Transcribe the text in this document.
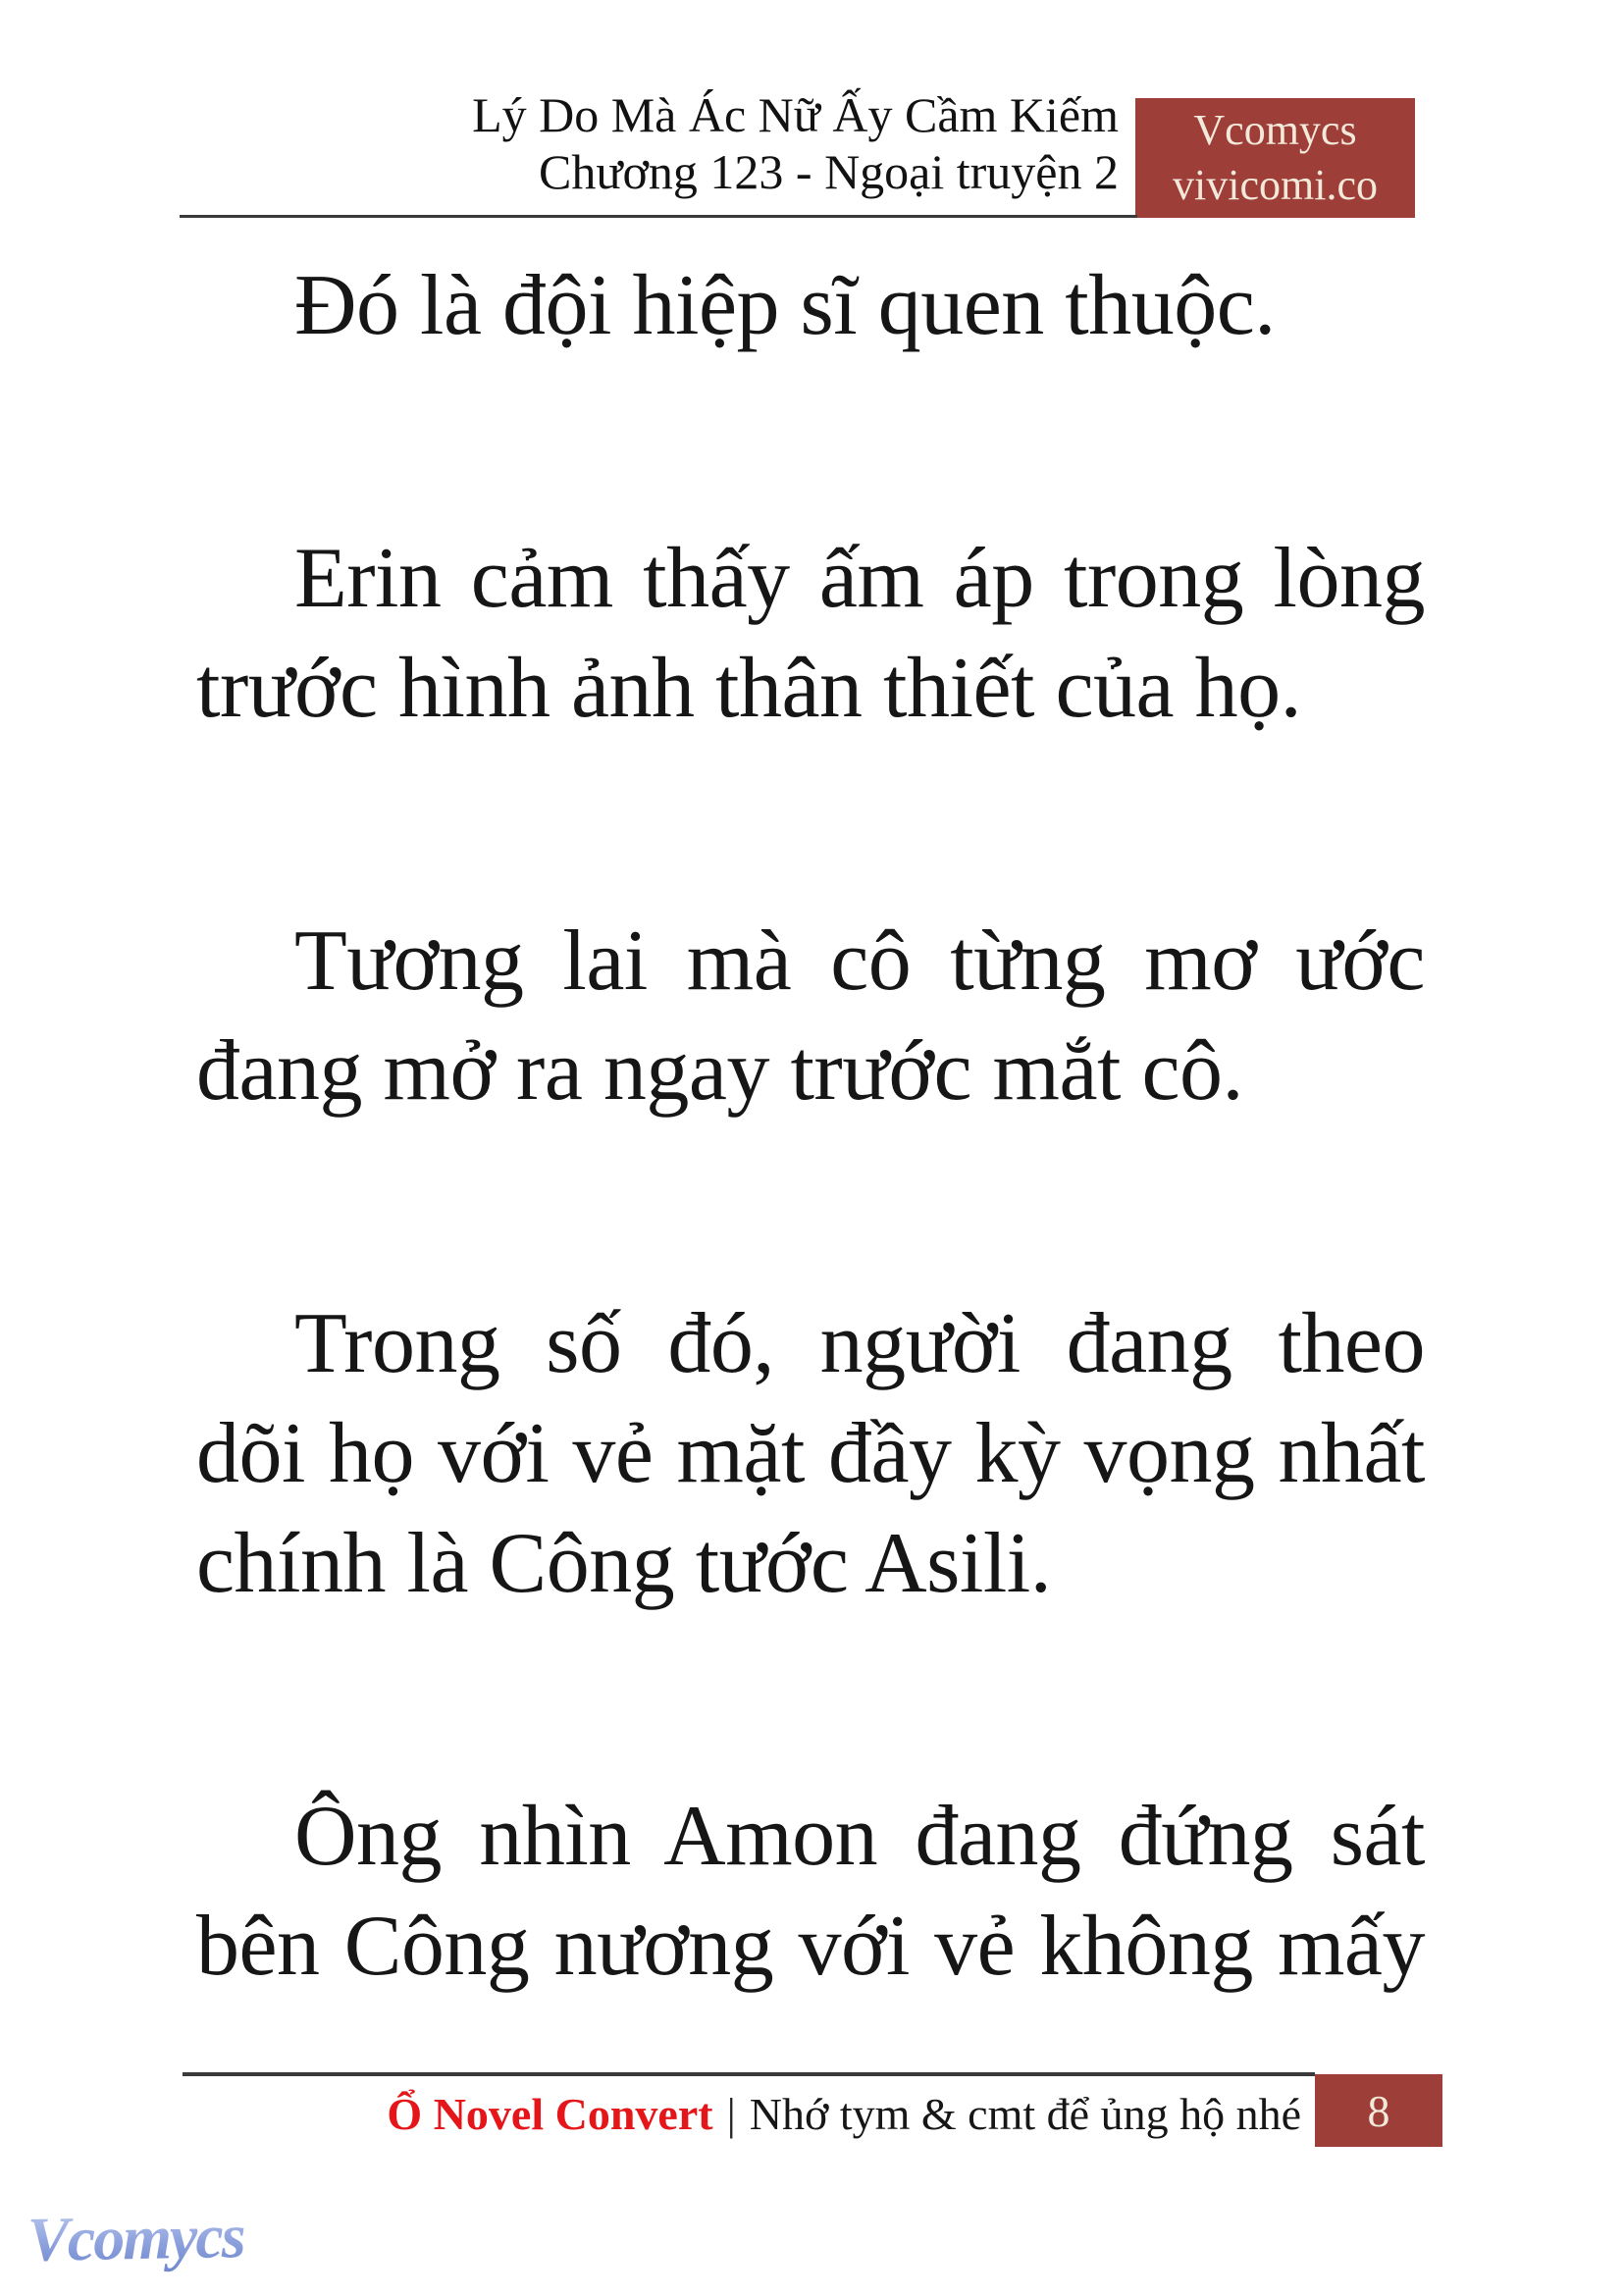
Lý Do Mà Ác Nữ Ấy Cầm Kiếm
Chương 123 - Ngoại truyện 2
Vcomycs
vivicomi.co

Đó là đội hiệp sĩ quen thuộc.

Erin cảm thấy ấm áp trong lòng trước hình ảnh thân thiết của họ.

Tương lai mà cô từng mơ ước đang mở ra ngay trước mắt cô.

Trong số đó, người đang theo dõi họ với vẻ mặt đầy kỳ vọng nhất chính là Công tước Asili.

Ông nhìn Amon đang đứng sát bên Công nương với vẻ không mấy

Ổ Novel Convert | Nhớ tym & cmt để ủng hộ nhé 8
Vcomycs
